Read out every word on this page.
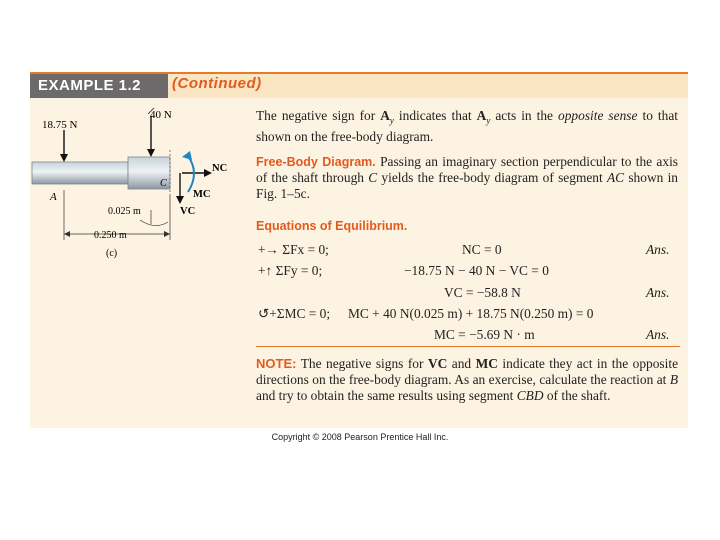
EXAMPLE 1.2	(Continued)
18.75 N
40 N
NC
MC
VC
A
C
0.025 m
0.250 m
(c)
The negative sign for $A_y$ indicates that $A_y$ acts in the opposite sense to that shown on the free-body diagram.
Free-Body Diagram. Passing an imaginary section perpendicular to the axis of the shaft through C yields the free-body diagram of segment AC shown in Fig. 1–5c.
Equations of Equilibrium.
+→ ΣFx = 0;	NC = 0	Ans.
+↑ ΣFy = 0;	−18.75 N − 40 N − VC = 0
VC = −58.8 N	Ans.
↺+ΣMC = 0; MC + 40 N(0.025 m) + 18.75 N(0.250 m) = 0
MC = −5.69 N · m	Ans.
NOTE: The negative signs for VC and MC indicate they act in the opposite directions on the free-body diagram. As an exercise, calculate the reaction at B and try to obtain the same results using segment CBD of the shaft.
Copyright © 2008 Pearson Prentice Hall Inc.
